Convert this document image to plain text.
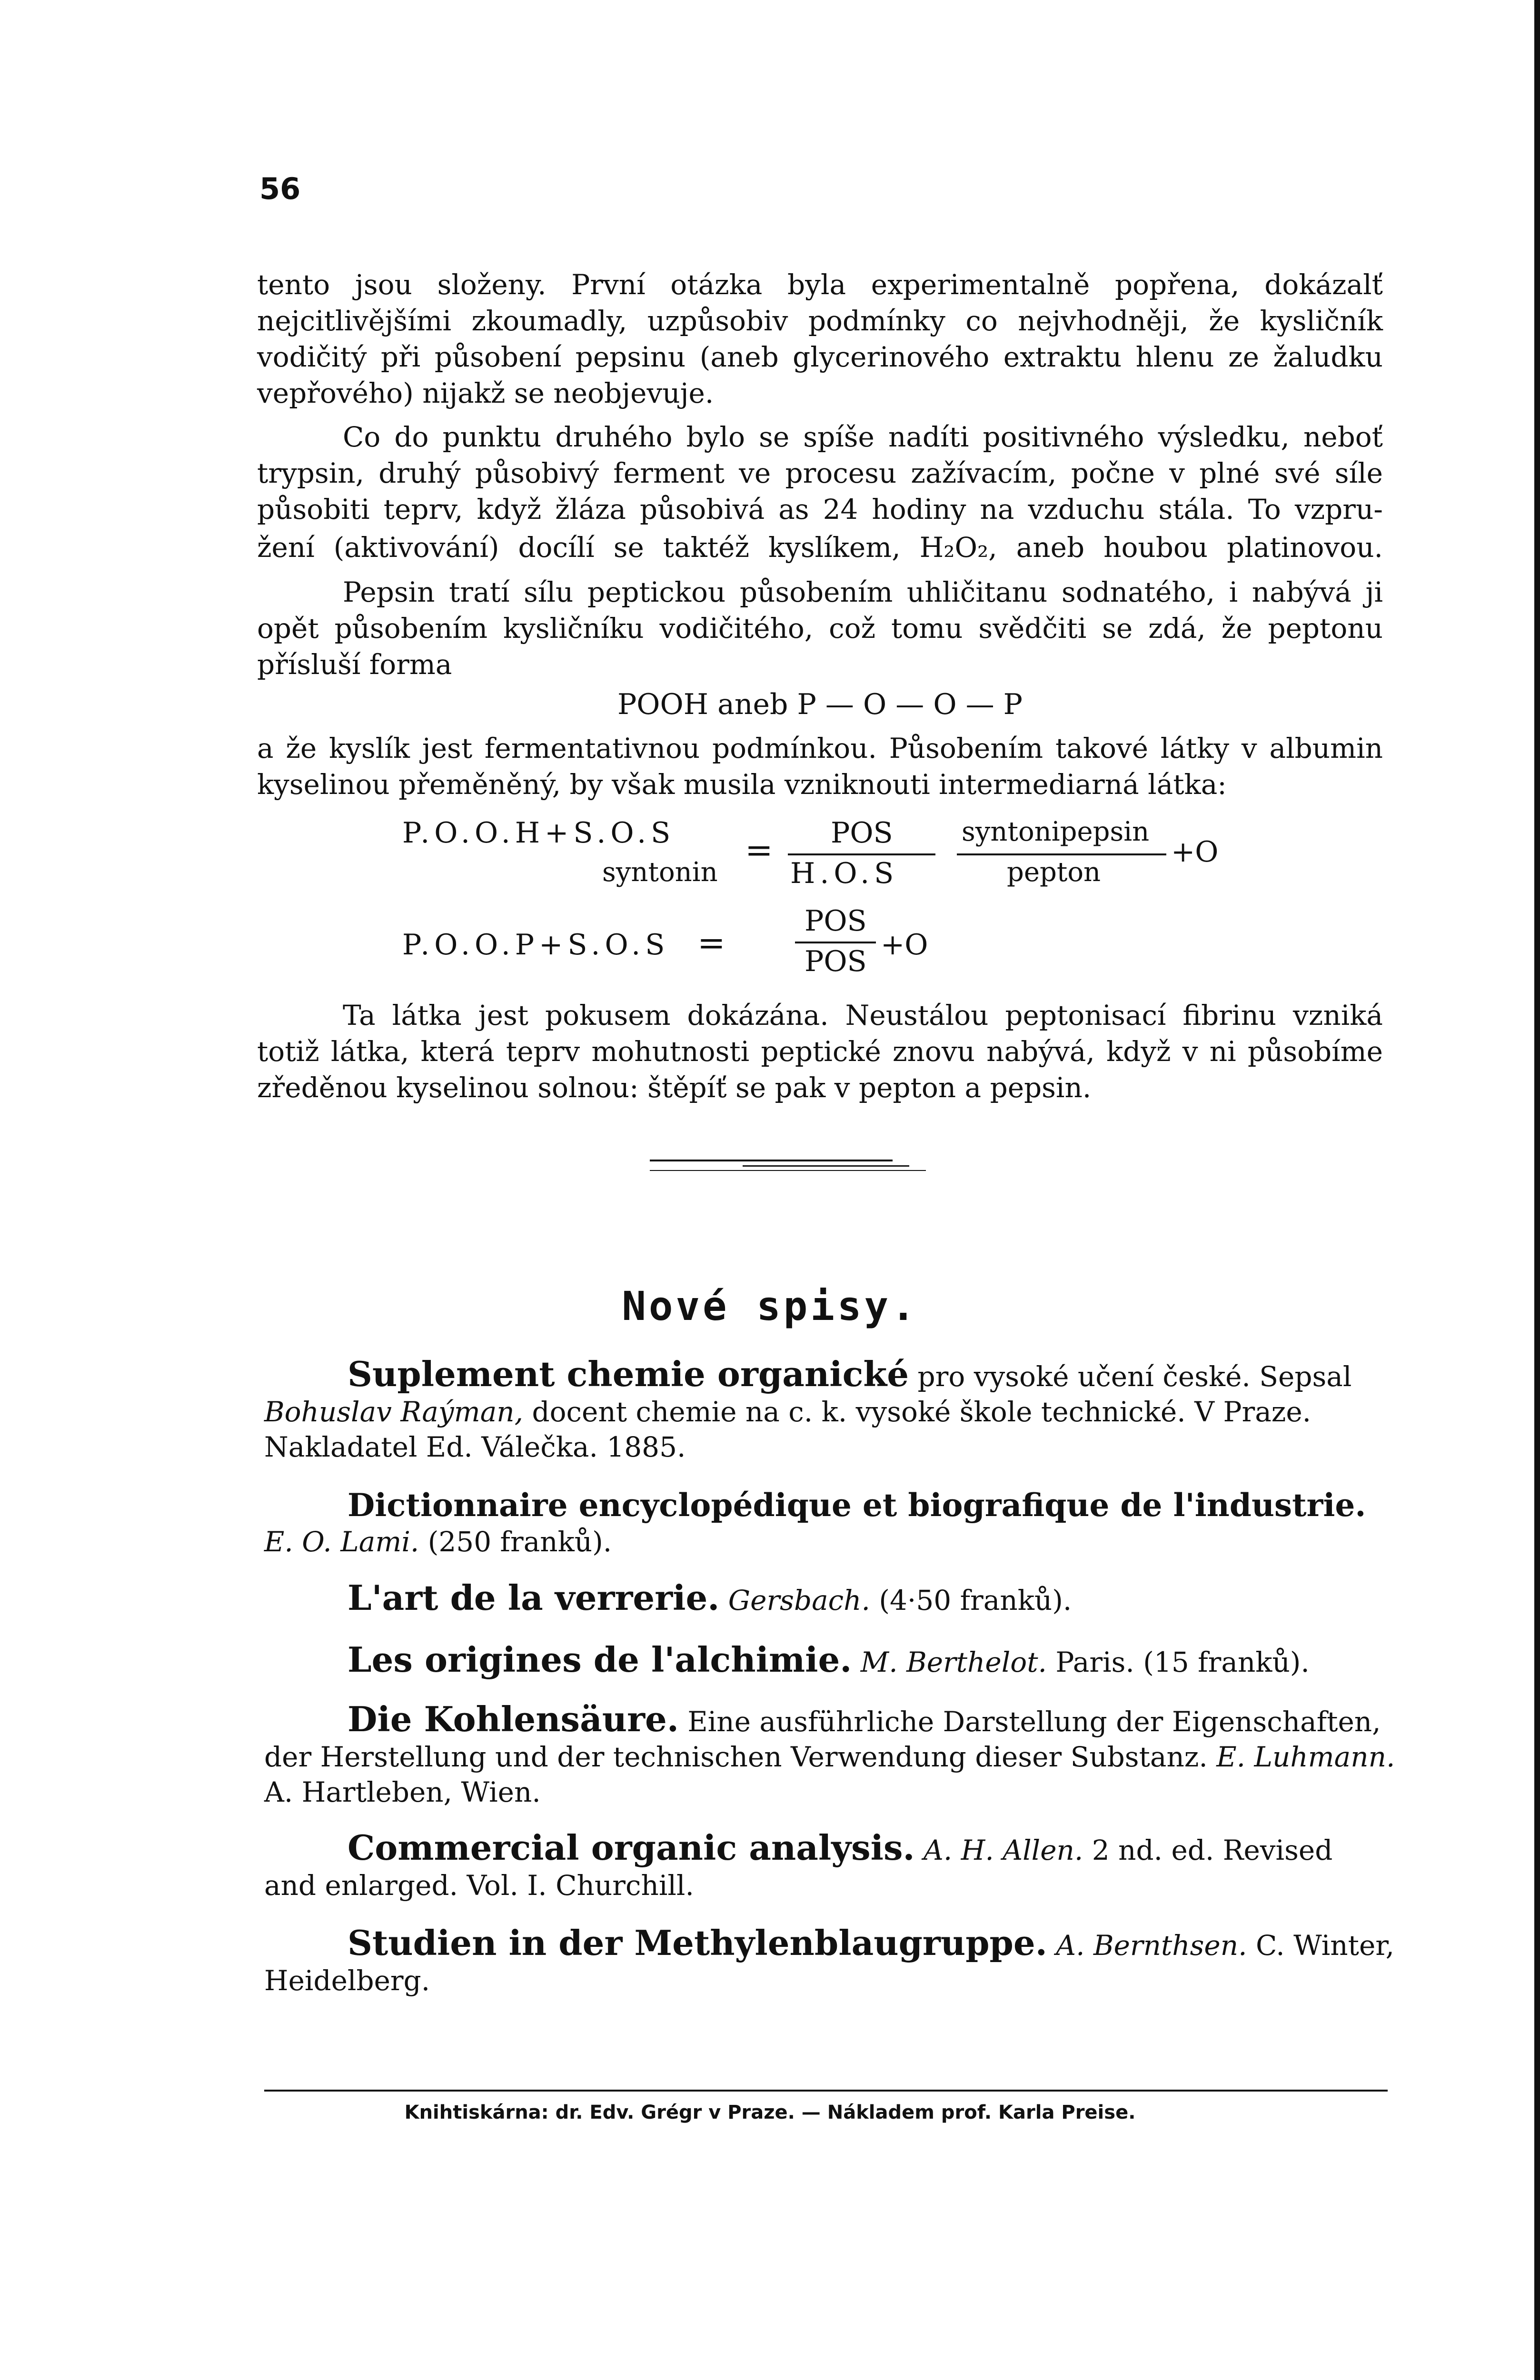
56
tento jsou složeny. První otázka byla experimentalně popřena, dokázalť
nejcitlivějšími zkoumadly, uzpůsobiv podmínky co nejvhodněji, že kysličník
vodičitý při působení pepsinu (aneb glycerinového extraktu hlenu ze žaludku
vepřového) nijakž se neobjevuje.
Co do punktu druhého bylo se spíše nadíti positivného výsledku, neboť
trypsin, druhý působivý ferment ve procesu zažívacím, počne v plné své síle
působiti teprv, když žláza působivá as 24 hodiny na vzduchu stála. To vzpru-
žení (aktivování) docílí se taktéž kyslíkem, H₂O₂, aneb houbou platinovou.
Pepsin tratí sílu peptickou působením uhličitanu sodnatého, i nabývá ji
opět působením kysličníku vodičitého, což tomu svědčiti se zdá, že peptonu
přísluší forma
POOH aneb P — O — O — P
a že kyslík jest fermentativnou podmínkou. Působením takové látky v albumin
kyselinou přeměněný, by však musila vzniknouti intermediarná látka:
P.O.O.H+S.O.S
syntonin
= POS
H.O.S
syntonipepsin
pepton
+O
P.O.O.P+S.O.S =
POS
POS +O
Ta látka jest pokusem dokázána. Neustálou peptonisací fibrinu vzniká
totiž látka, která teprv mohutnosti peptické znovu nabývá, když v ni působíme
zředěnou kyselinou solnou: štěpíť se pak v pepton a pepsin.
Nové spisy.
Suplement chemie organické pro vysoké učení české. Sepsal
Bohuslav Raýman, docent chemie na c. k. vysoké škole technické. V Praze.
Nakladatel Ed. Válečka. 1885.
Dictionnaire encyclopédique et biografique de l'industrie.
E. O. Lami. (250 franků).
L'art de la verrerie. Gersbach. (4·50 franků).
Les origines de l'alchimie. M. Berthelot. Paris. (15 franků).
Die Kohlensäure. Eine ausführliche Darstellung der Eigenschaften,
der Herstellung und der technischen Verwendung dieser Substanz. E. Luhmann.
A. Hartleben, Wien.
Commercial organic analysis. A. H. Allen. 2 nd. ed. Revised
and enlarged. Vol. I. Churchill.
Studien in der Methylenblaugruppe. A. Bernthsen. C. Winter,
Heidelberg.
Knihtiskárna: dr. Edv. Grégr v Praze. — Nákladem prof. Karla Preise.
